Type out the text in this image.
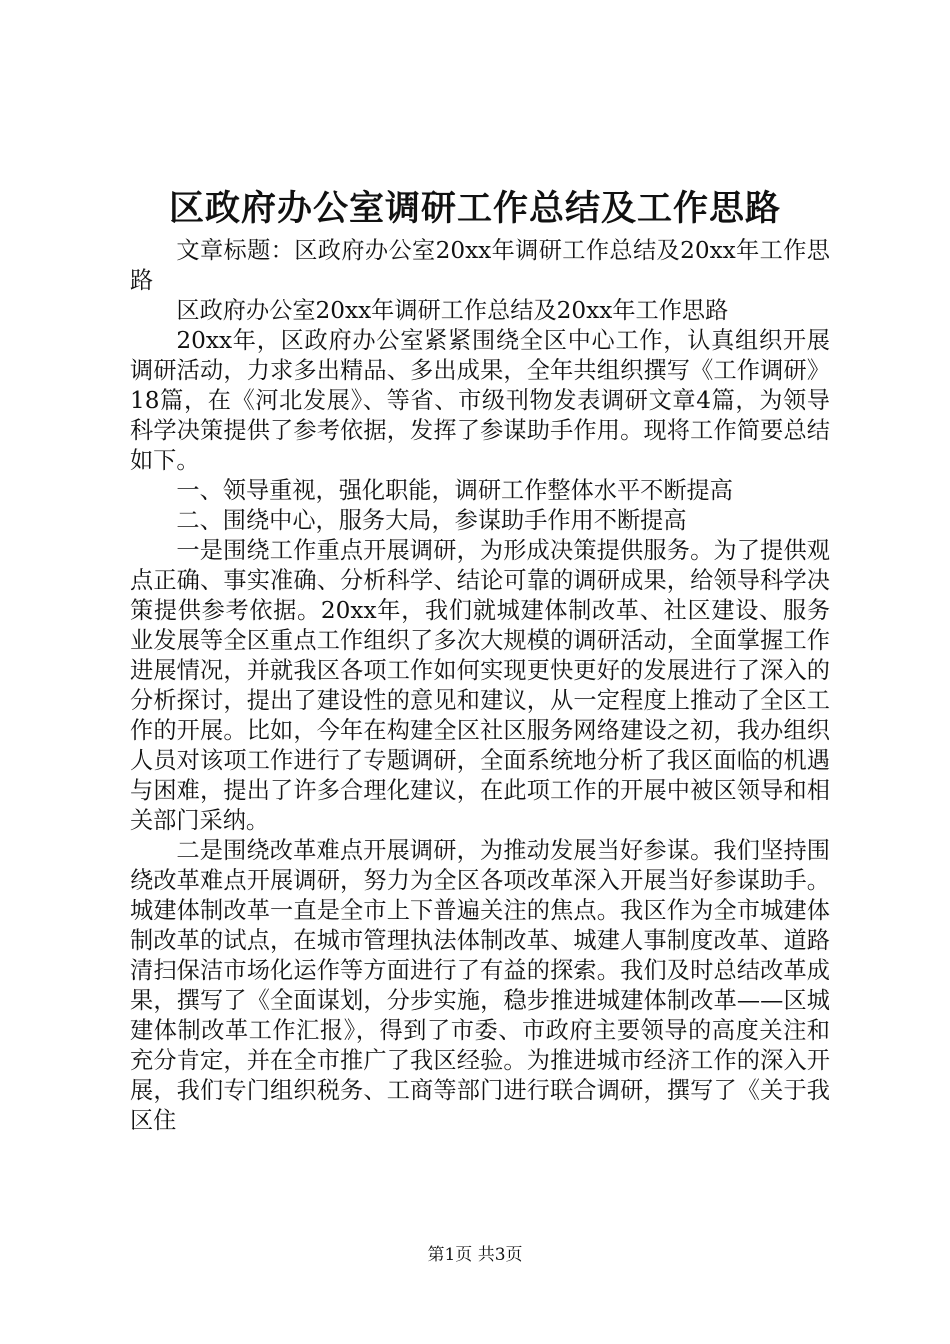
区政府办公室调研工作总结及工作思路

文章标题：区政府办公室20xx年调研工作总结及20xx年工作思路

区政府办公室20xx年调研工作总结及20xx年工作思路

20xx年，区政府办公室紧紧围绕全区中心工作，认真组织开展调研活动，力求多出精品、多出成果，全年共组织撰写《工作调研》18篇，在《河北发展》、等省、市级刊物发表调研文章4篇，为领导科学决策提供了参考依据，发挥了参谋助手作用。现将工作简要总结如下。

一、领导重视，强化职能，调研工作整体水平不断提高

二、围绕中心，服务大局，参谋助手作用不断提高

一是围绕工作重点开展调研，为形成决策提供服务。为了提供观点正确、事实准确、分析科学、结论可靠的调研成果，给领导科学决策提供参考依据。20xx年，我们就城建体制改革、社区建设、服务业发展等全区重点工作组织了多次大规模的调研活动，全面掌握工作进展情况，并就我区各项工作如何实现更快更好的发展进行了深入的分析探讨，提出了建设性的意见和建议，从一定程度上推动了全区工作的开展。比如，今年在构建全区社区服务网络建设之初，我办组织人员对该项工作进行了专题调研，全面系统地分析了我区面临的机遇与困难，提出了许多合理化建议，在此项工作的开展中被区领导和相关部门采纳。

二是围绕改革难点开展调研，为推动发展当好参谋。我们坚持围绕改革难点开展调研，努力为全区各项改革深入开展当好参谋助手。城建体制改革一直是全市上下普遍关注的焦点。我区作为全市城建体制改革的试点，在城市管理执法体制改革、城建人事制度改革、道路清扫保洁市场化运作等方面进行了有益的探索。我们及时总结改革成果，撰写了《全面谋划，分步实施，稳步推进城建体制改革——区城建体制改革工作汇报》，得到了市委、市政府主要领导的高度关注和充分肯定，并在全市推广了我区经验。为推进城市经济工作的深入开展，我们专门组织税务、工商等部门进行联合调研，撰写了《关于我区住

第1页 共3页
